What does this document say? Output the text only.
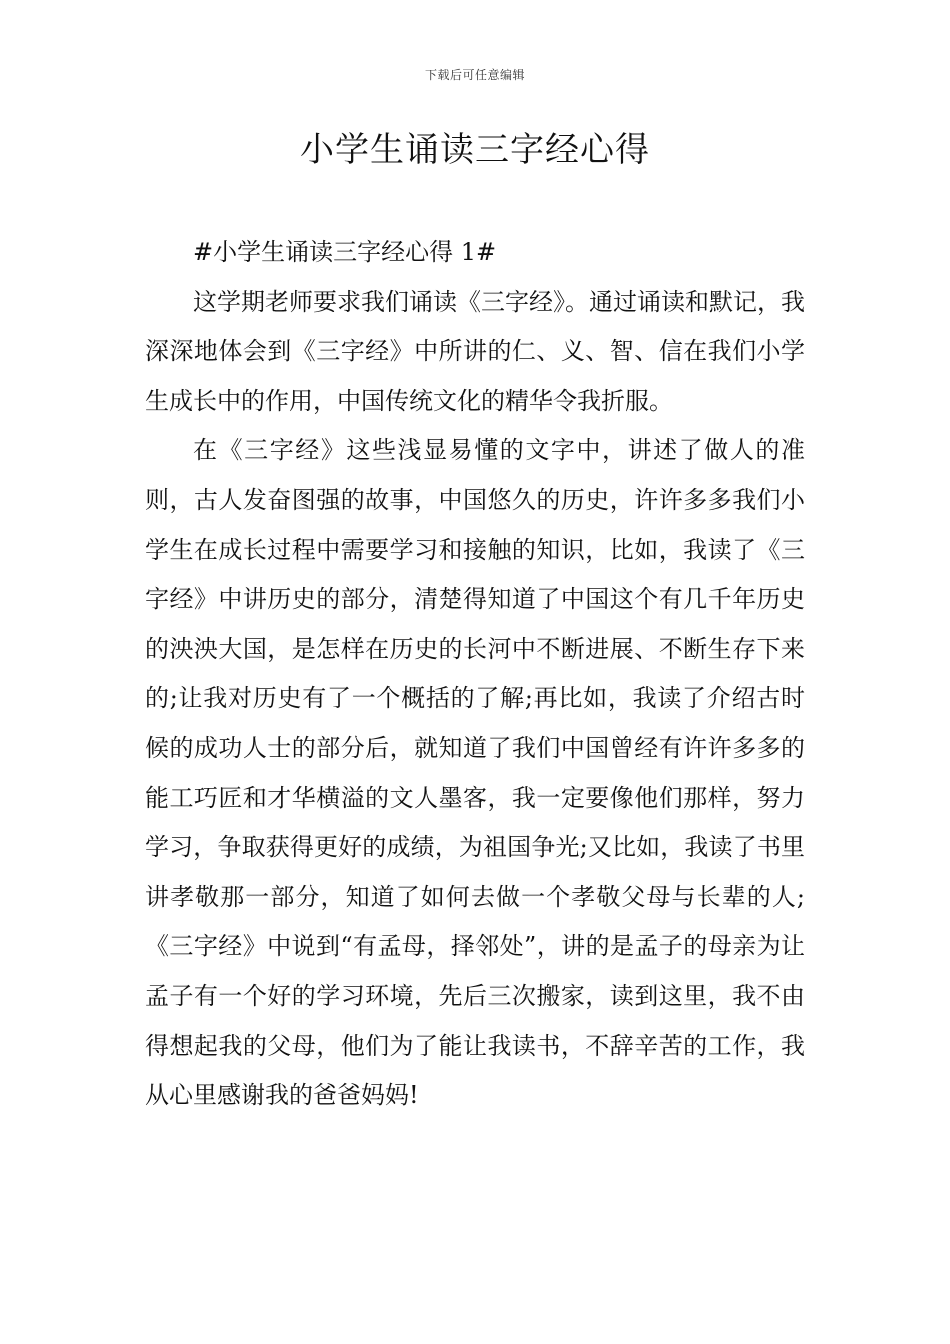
下载后可任意编辑
小学生诵读三字经心得

#小学生诵读三字经心得 1#

这学期老师要求我们诵读《三字经》。通过诵读和默记，我深深地体会到《三字经》中所讲的仁、义、智、信在我们小学生成长中的作用，中国传统文化的精华令我折服。

在《三字经》这些浅显易懂的文字中，讲述了做人的准则，古人发奋图强的故事，中国悠久的历史，许许多多我们小学生在成长过程中需要学习和接触的知识，比如，我读了《三字经》中讲历史的部分，清楚得知道了中国这个有几千年历史的泱泱大国，是怎样在历史的长河中不断进展、不断生存下来的;让我对历史有了一个概括的了解;再比如，我读了介绍古时候的成功人士的部分后，就知道了我们中国曾经有许许多多的能工巧匠和才华横溢的文人墨客，我一定要像他们那样，努力学习，争取获得更好的成绩，为祖国争光;又比如，我读了书里讲孝敬那一部分，知道了如何去做一个孝敬父母与长辈的人;《三字经》中说到“有孟母，择邻处”，讲的是孟子的母亲为让孟子有一个好的学习环境，先后三次搬家，读到这里，我不由得想起我的父母，他们为了能让我读书，不辞辛苦的工作，我从心里感谢我的爸爸妈妈!
